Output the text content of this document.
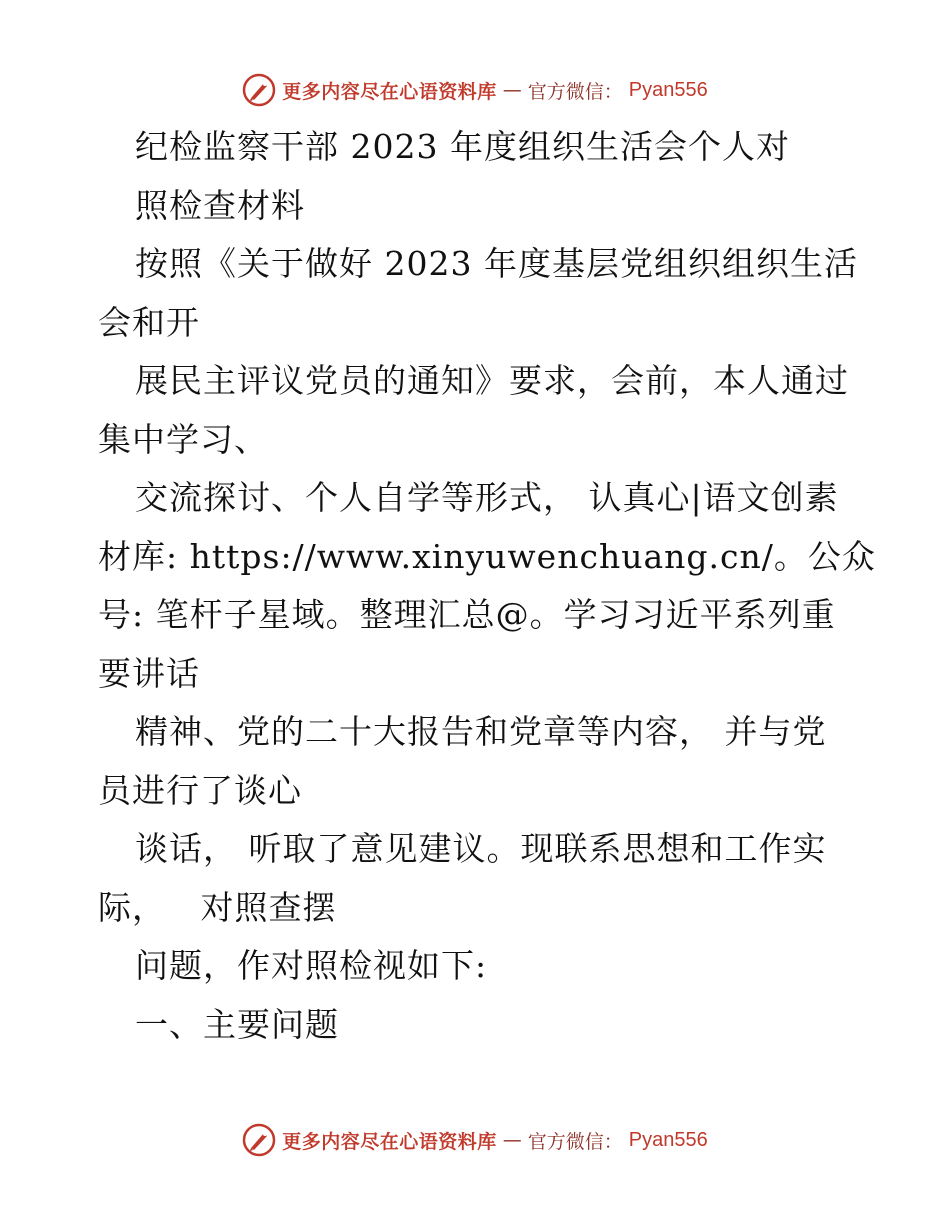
更多内容尽在心语资料库 — 官方微信： Pyan556
纪检监察干部 2023 年度组织生活会个人对
照检查材料
按照《关于做好 2023 年度基层党组织组织生活
会和开
展民主评议党员的通知》要求，会前，本人通过
集中学习、
交流探讨、个人自学等形式， 认真心|语文创素
材库: https://www.xinyuwenchuang.cn/。公众
号: 笔杆子星域。整理汇总@。学习习近平系列重
要讲话
精神、党的二十大报告和党章等内容， 并与党
员进行了谈心
谈话， 听取了意见建议。现联系思想和工作实
际，   对照查摆
问题，作对照检视如下:
一、主要问题
更多内容尽在心语资料库 — 官方微信： Pyan556
